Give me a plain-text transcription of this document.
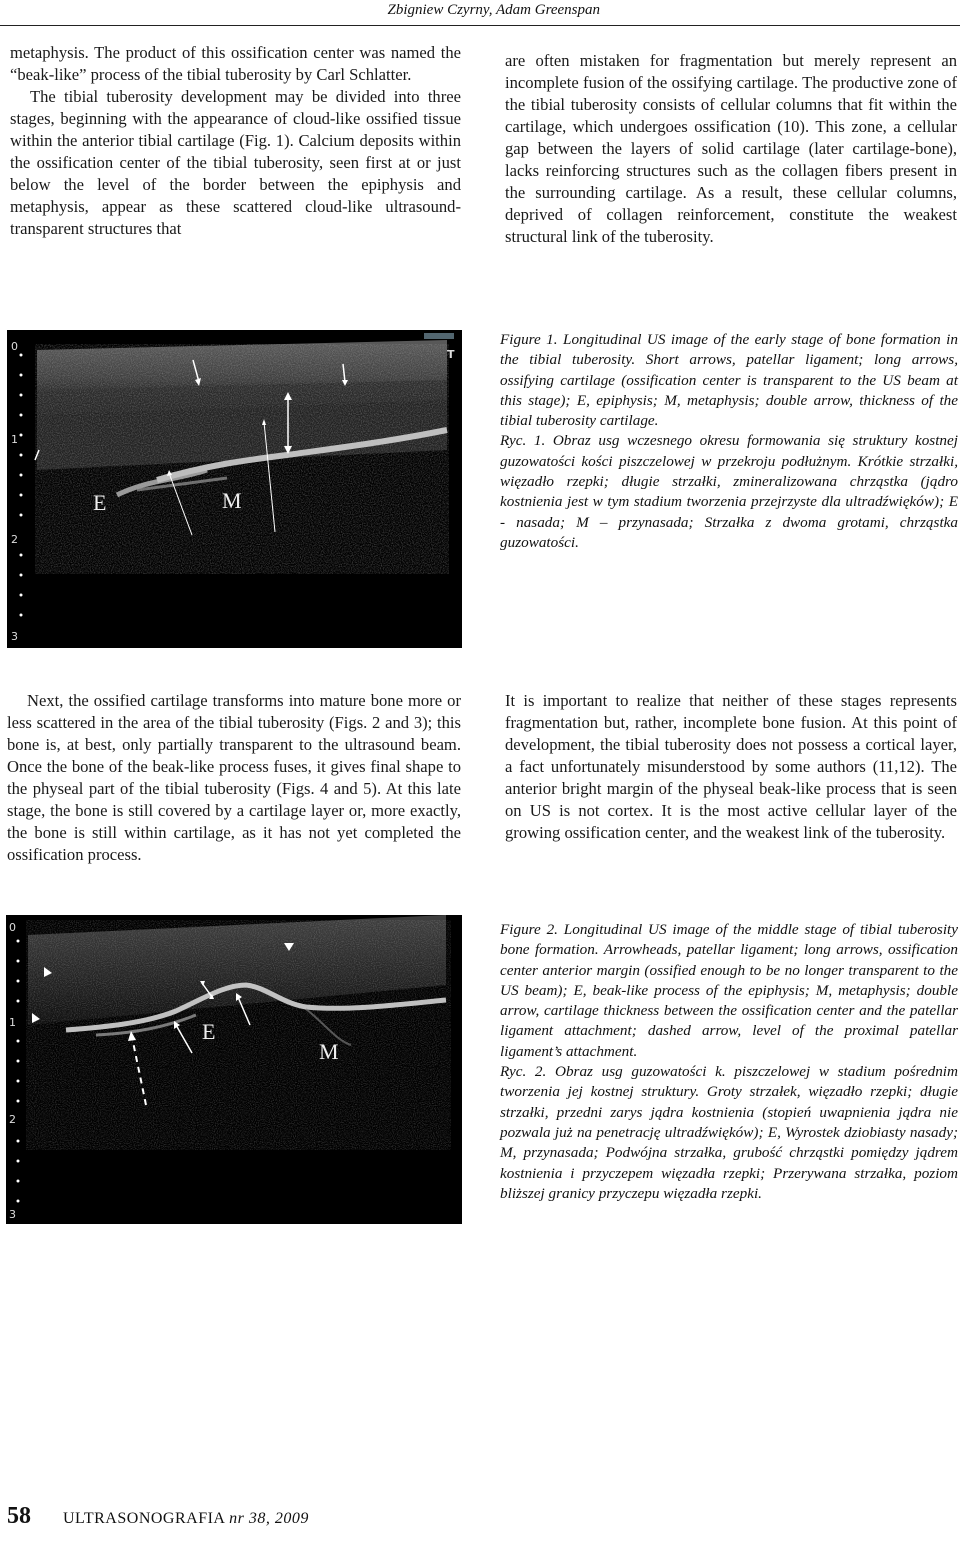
Zbigniew Czyrny, Adam Greenspan

metaphysis. The product of this ossification center was named the “beak-like” process of the tibial tuberosity by Carl Schlatter.

The tibial tuberosity development may be divided into three stages, beginning with the appearance of cloud-like ossified tissue within the anterior tibial cartilage (Fig. 1). Calcium deposits within the ossification center of the tibial tuberosity, seen first at or just below the level of the border between the epiphysis and metaphysis, appear as these scattered cloud-like ultrasound-transparent structures that

are often mistaken for fragmentation but merely represent an incomplete fusion of the ossifying cartilage. The productive zone of the tibial tuberosity consists of cellular columns that fit within the cartilage, which undergoes ossification (10). This zone, a cellular gap between the layers of solid cartilage (later cartilage-bone), lacks reinforcing structures such as the collagen fibers present in the surrounding cartilage. As a result, these cellular columns, deprived of collagen reinforcement, constitute the weakest structural link of the tuberosity.

0
1
2
3
T
E	M

Figure 1. Longitudinal US image of the early stage of bone formation in the tibial tuberosity. Short arrows, patellar ligament; long arrows, ossifying cartilage (ossification center is transparent to the US beam at this stage); E, epiphysis; M, metaphysis; double arrow, thickness of the tibial tuberosity cartilage.

Ryc. 1. Obraz usg wczesnego okresu formowania się struktury kostnej guzowatości kości piszczelowej w przekroju podłużnym. Krótkie strzałki, więzadło rzepki; długie strzałki, zmineralizowana chrząstka (jądro kostnienia jest w tym stadium tworzenia przejrzyste dla ultradźwięków); E - nasada; M – przynasada; Strzałka z dwoma grotami, chrząstka guzowatości.

Next, the ossified cartilage transforms into mature bone more or less scattered in the area of the tibial tuberosity (Figs. 2 and 3); this bone is, at best, only partially transparent to the ultrasound beam. Once the bone of the beak-like process fuses, it gives final shape to the physeal part of the tibial tuberosity (Figs. 4 and 5). At this late stage, the bone is still covered by a cartilage layer or, more exactly, the bone is still within cartilage, as it has not yet completed the ossification process.

It is important to realize that neither of these stages represents fragmentation but, rather, incomplete bone fusion. At this point of development, the tibial tuberosity does not possess a cortical layer, a fact unfortunately misunderstood by some authors (11,12). The anterior bright margin of the physeal beak-like process that is seen on US is not cortex. It is the most active cellular layer of the growing ossification center, and the weakest link of the tuberosity.

0
1
2
3
E
M

Figure 2. Longitudinal US image of the middle stage of tibial tuberosity bone formation. Arrowheads, patellar ligament; long arrows, ossification center anterior margin (ossified enough to be no longer transparent to the US beam); E, beak-like process of the epiphysis; M, metaphysis; double arrow, cartilage thickness between the ossification center and the patellar ligament attachment; dashed arrow, level of the proximal patellar ligament’s attachment.

Ryc. 2. Obraz usg guzowatości k. piszczelowej w stadium pośrednim tworzenia jej kostnej struktury. Groty strzałek, więzadło rzepki; długie strzałki, przedni zarys jądra kostnienia (stopień uwapnienia jądra nie pozwala już na penetrację ultradźwięków); E, Wyrostek dziobiasty nasady; M, przynasada; Podwójna strzałka, grubość chrząstki pomiędzy jądrem kostnienia i przyczepem więzadła rzepki; Przerywana strzałka, poziom bliższej granicy przyczepu więzadła rzepki.

58 ULTRASONOGRAFIA nr 38, 2009
